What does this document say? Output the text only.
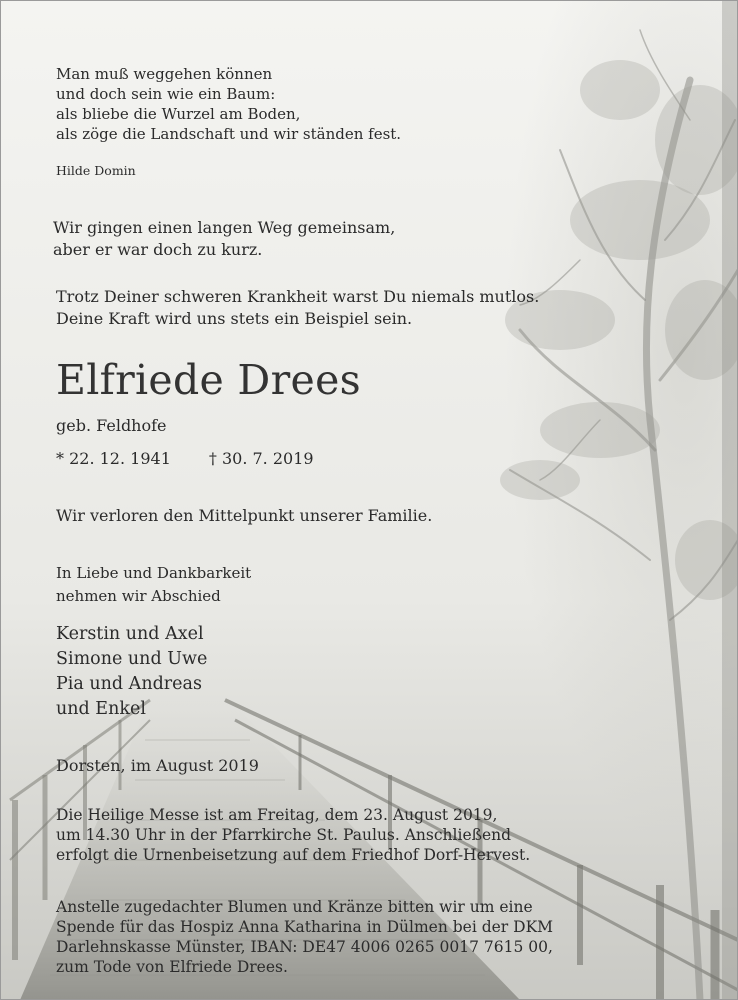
Man muß weggehen können
und doch sein wie ein Baum:
als bliebe die Wurzel am Boden,
als zöge die Landschaft und wir ständen fest.
Hilde Domin
Wir gingen einen langen Weg gemeinsam,
aber er war doch zu kurz.
Trotz Deiner schweren Krankheit warst Du niemals mutlos.
Deine Kraft wird uns stets ein Beispiel sein.
Elfriede Drees
geb. Feldhofe
* 22. 12. 1941 † 30. 7. 2019
Wir verloren den Mittelpunkt unserer Familie.
In Liebe und Dankbarkeit
nehmen wir Abschied
Kerstin und Axel
Simone und Uwe
Pia und Andreas
und Enkel
Dorsten, im August 2019
Die Heilige Messe ist am Freitag, dem 23. August 2019,
um 14.30 Uhr in der Pfarrkirche St. Paulus. Anschließend
erfolgt die Urnenbeisetzung auf dem Friedhof Dorf-Hervest.
Anstelle zugedachter Blumen und Kränze bitten wir um eine
Spende für das Hospiz Anna Katharina in Dülmen bei der DKM
Darlehnskasse Münster, IBAN: DE47 4006 0265 0017 7615 00,
zum Tode von Elfriede Drees.
